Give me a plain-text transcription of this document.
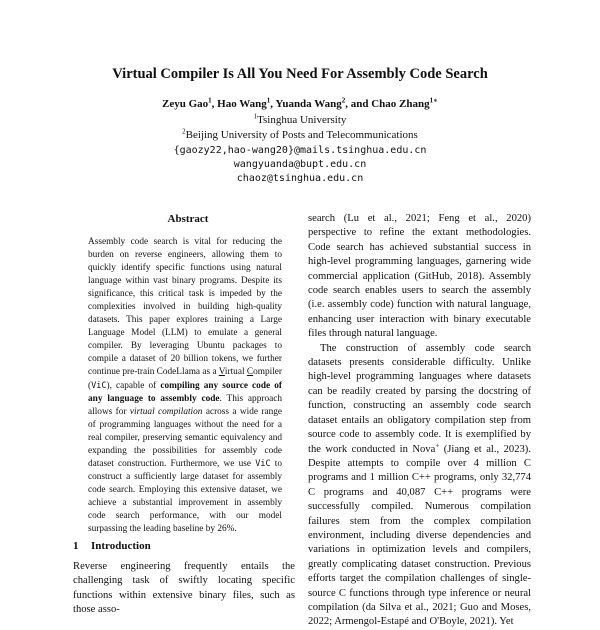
Virtual Compiler Is All You Need For Assembly Code Search
Zeyu Gao$^1$, Hao Wang$^1$, Yuanda Wang$^2$, and Chao Zhang$^{1∗}$
$^1$Tsinghua University
$^2$Beijing University of Posts and Telecommunications
{gaozy22,hao-wang20}@mails.tsinghua.edu.cn
wangyuanda@bupt.edu.cn
chaoz@tsinghua.edu.cn
Abstract
Assembly code search is vital for reducing the burden on reverse engineers, allowing them to quickly identify specific functions using natural language within vast binary programs. Despite its significance, this critical task is impeded by the complexities involved in building high-quality datasets. This paper explores training a Large Language Model (LLM) to emulate a general compiler. By leveraging Ubuntu packages to compile a dataset of 20 billion tokens, we further continue pre-train CodeLlama as a Virtual Compiler (ViC), capable of compiling any source code of any language to assembly code. This approach allows for virtual compilation across a wide range of programming languages without the need for a real compiler, preserving semantic equivalency and expanding the possibilities for assembly code dataset construction. Furthermore, we use ViC to construct a sufficiently large dataset for assembly code search. Employing this extensive dataset, we achieve a substantial improvement in assembly code search performance, with our model surpassing the leading baseline by 26%.
1 Introduction
Reverse engineering frequently entails the challenging task of swiftly locating specific functions within extensive binary files, such as those asso-

search (Lu et al., 2021; Feng et al., 2020) perspective to refine the extant methodologies. Code search has achieved substantial success in high-level programming languages, garnering wide commercial application (GitHub, 2018). Assembly code search enables users to search the assembly (i.e. assembly code) function with natural language, enhancing user interaction with binary executable files through natural language.

The construction of assembly code search datasets presents considerable difficulty. Unlike high-level programming languages where datasets can be readily created by parsing the docstring of function, constructing an assembly code search dataset entails an obligatory compilation step from source code to assembly code. It is exemplified by the work conducted in Nova+ (Jiang et al., 2023). Despite attempts to compile over 4 million C programs and 1 million C++ programs, only 32,774 C programs and 40,087 C++ programs were successfully compiled. Numerous compilation failures stem from the complex compilation environment, including diverse dependencies and variations in optimization levels and compilers, greatly complicating dataset construction. Previous efforts target the compilation challenges of single-source C functions through type inference or neural compilation (da Silva et al., 2021; Guo and Moses, 2022; Armengol-Estapé and O'Boyle, 2021). Yet
